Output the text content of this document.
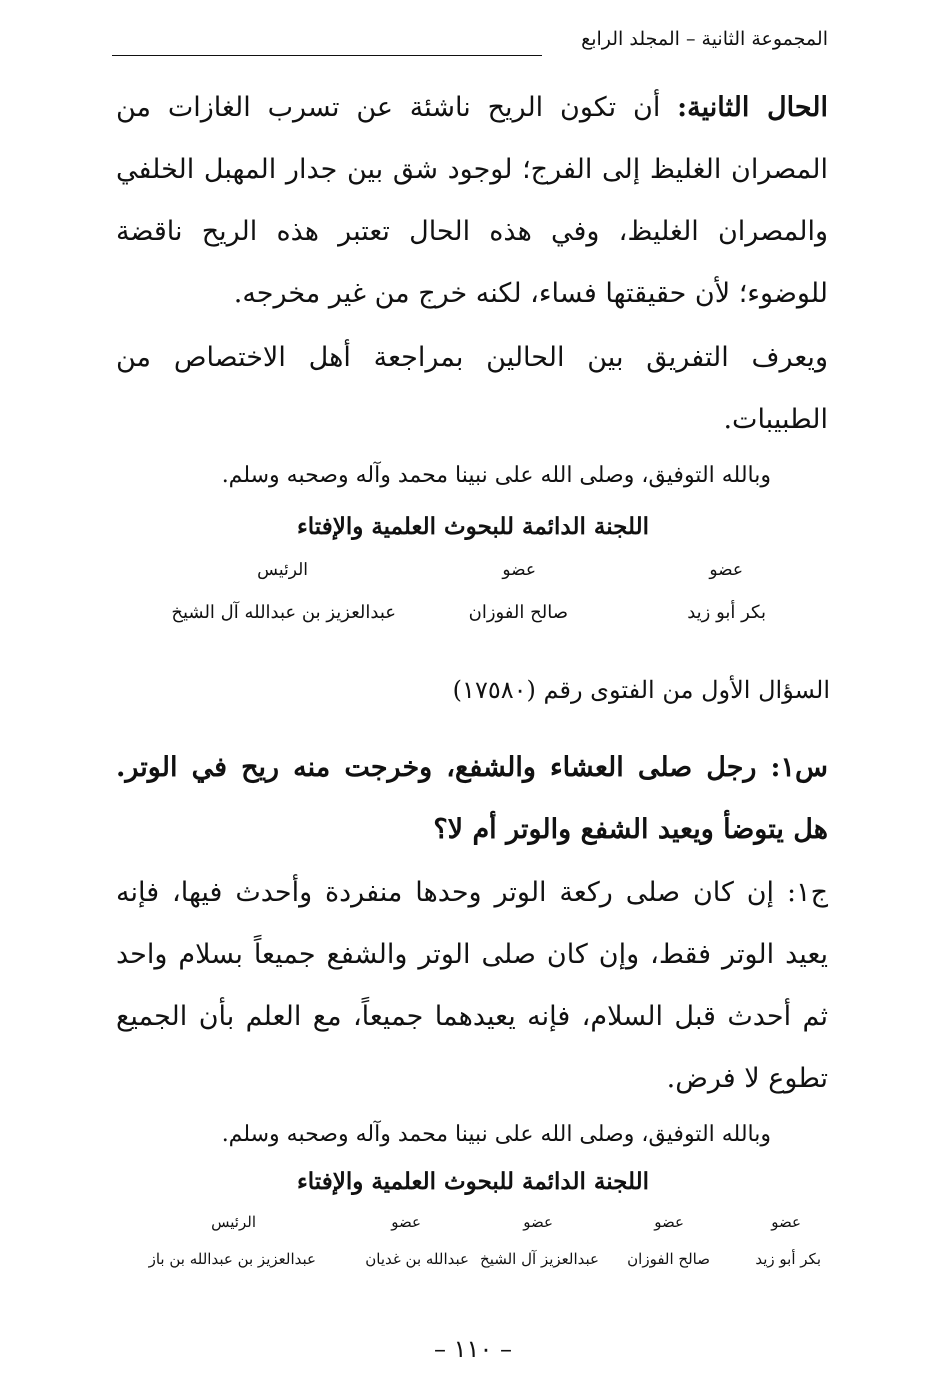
المجموعة الثانية – المجلد الرابع
الحال الثانية: أن تكون الريح ناشئة عن تسرب الغازات من المصران الغليظ إلى الفرج؛ لوجود شق بين جدار المهبل الخلفي والمصران الغليظ، وفي هذه الحال تعتبر هذه الريح ناقضة للوضوء؛ لأن حقيقتها فساء، لكنه خرج من غير مخرجه.
ويعرف التفريق بين الحالين بمراجعة أهل الاختصاص من الطبيبات.
وبالله التوفيق، وصلى الله على نبينا محمد وآله وصحبه وسلم.
اللجنة الدائمة للبحوث العلمية والإفتاء
عضو
بكر أبو زيد
عضو
صالح الفوزان
الرئيس
عبدالعزيز بن عبدالله آل الشيخ
السؤال الأول من الفتوى رقم (١٧٥٨٠)
س١: رجل صلى العشاء والشفع، وخرجت منه ريح في الوتر. هل يتوضأ ويعيد الشفع والوتر أم لا؟
ج١: إن كان صلى ركعة الوتر وحدها منفردة وأحدث فيها، فإنه يعيد الوتر فقط، وإن كان صلى الوتر والشفع جميعاً بسلام واحد ثم أحدث قبل السلام، فإنه يعيدهما جميعاً، مع العلم بأن الجميع تطوع لا فرض.
وبالله التوفيق، وصلى الله على نبينا محمد وآله وصحبه وسلم.
اللجنة الدائمة للبحوث العلمية والإفتاء
عضو
بكر أبو زيد
عضو
صالح الفوزان
عضو
عبدالعزيز آل الشيخ
عضو
عبدالله بن غديان
الرئيس
عبدالعزيز بن عبدالله بن باز
– ١١٠ –
